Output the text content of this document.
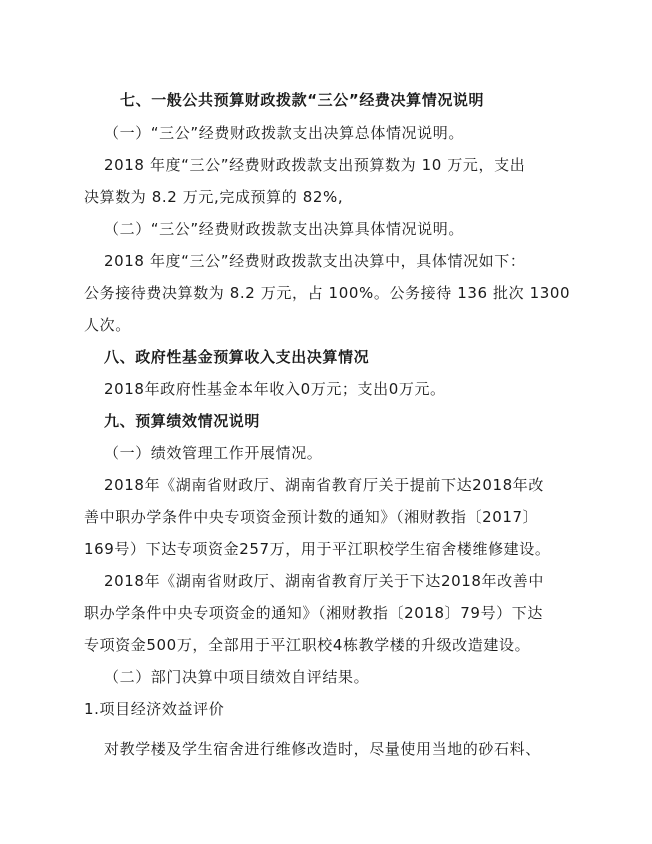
七、一般公共预算财政拨款“三公”经费决算情况说明
（一）“三公”经费财政拨款支出决算总体情况说明。
2018 年度“三公”经费财政拨款支出预算数为 10 万元，支出
决算数为 8.2 万元,完成预算的 82%,
（二）“三公”经费财政拨款支出决算具体情况说明。
2018 年度“三公”经费财政拨款支出决算中，具体情况如下：
公务接待费决算数为 8.2 万元，占 100%。公务接待 136 批次 1300
人次。
八、政府性基金预算收入支出决算情况
2018年政府性基金本年收入0万元；支出0万元。
九、预算绩效情况说明
（一）绩效管理工作开展情况。
2018年《湖南省财政厅、湖南省教育厅关于提前下达2018年改
善中职办学条件中央专项资金预计数的通知》（湘财教指〔2017〕
169号）下达专项资金257万，用于平江职校学生宿舍楼维修建设。
2018年《湖南省财政厅、湖南省教育厅关于下达2018年改善中
职办学条件中央专项资金的通知》（湘财教指〔2018〕79号）下达
专项资金500万，全部用于平江职校4栋教学楼的升级改造建设。
（二）部门决算中项目绩效自评结果。
1.项目经济效益评价
对教学楼及学生宿舍进行维修改造时，尽量使用当地的砂石料、
